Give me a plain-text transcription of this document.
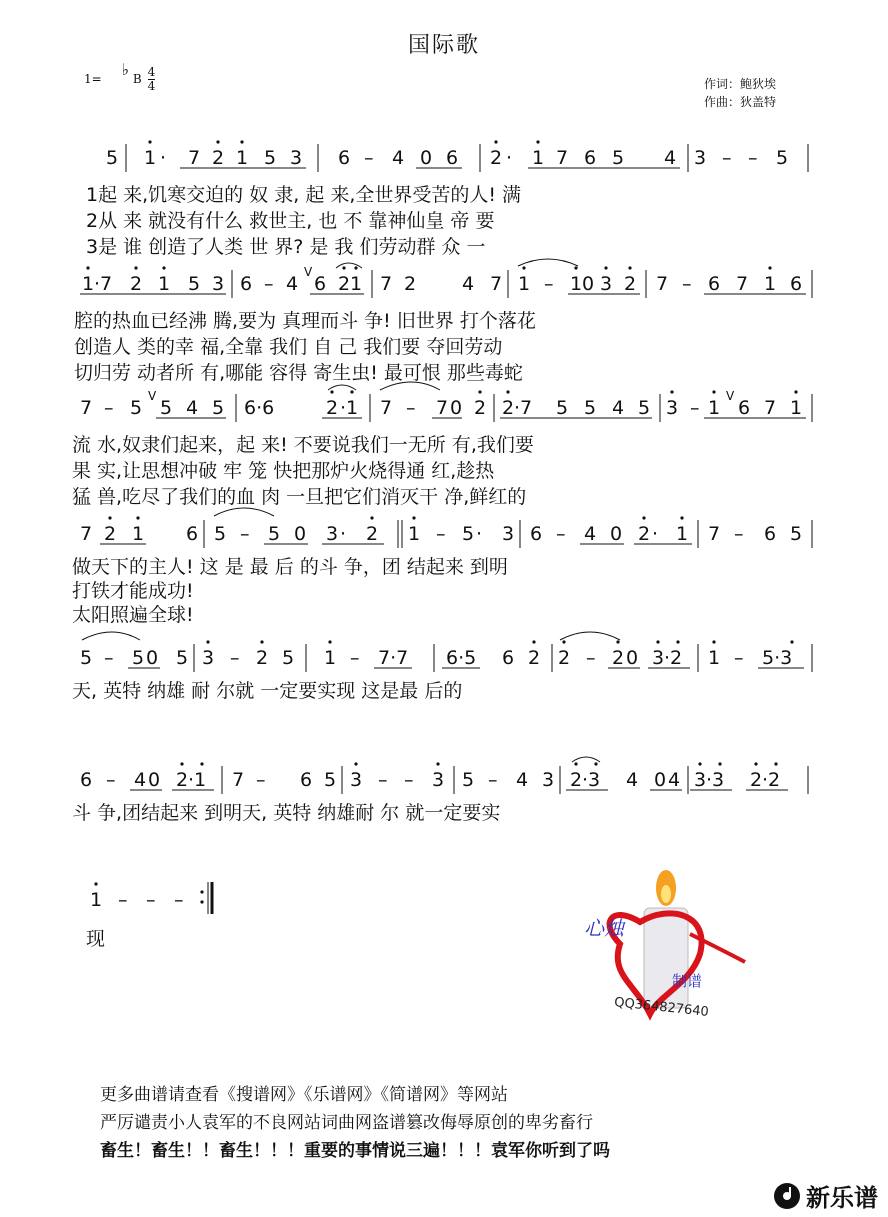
国际歌
1= ♭ B $\frac{4}{4}$	作词：鲍狄埃
作曲：狄盖特
5 1 · 7 2 1 5 3 6 – 4 0 6 2 · 1 7 6 5 4 3 – – 5
1起 来,饥寒交迫的 奴 隶, 起 来,全世界受苦的人! 满
2从 来 就没有什么 救世主, 也 不 靠神仙皇 帝 要
3是 谁 创造了人类 世 界? 是 我 们劳动群 众 一
1 ·7 2 1 5 3 6 – 4
V
6 2 1 7 2 4 7 1 – 1 0 3 2 7 – 6 7 1 6
腔的热血已经沸 腾,要为 真理而斗 争! 旧世界 打个落花
创造人 类的幸 福,全靠 我们 自 己 我们要 夺回劳动
切归劳 动者所 有,哪能 容得 寄生虫! 最可恨 那些毒蛇
7 – 5
V
5 4 5 6·6	2 ·1 7 – 7 0 2 2 ·7 5 5 4 5 3 – 1
V
6 7 1
流 水,奴隶们起来，起 来! 不要说我们一无所 有,我们要
果 实,让思想冲破 牢 笼 快把那炉火烧得通 红,趁热
猛 兽,吃尽了我们的血 肉 一旦把它们消灭干 净,鲜红的
7 2 1 6 5 – 5 0 3 · 2 1 – 5 · 3 6 – 4 0 2 · 1 7 – 6 5
做天下的主人! 这 是 最 后 的斗 争，团 结起来 到明
打铁才能成功!
太阳照遍全球!
5 – 5 0 5 3 – 2 5 1 – 7·7 6·5 6 2 2 – 2 0 3 ·2 1 – 5·3
天, 英特 纳雄 耐 尔就 一定要实现 这是最 后的
6 – 4 0 2 ·1 7 – 6 5 3 – – 3 5 – 4 3 2 ·3 4 0 4 3 ·3 2 ·2
斗 争,团结起来 到明天, 英特 纳雄耐 尔 就一定要实
1 – – –
现	心烛
制谱
QQ364827640
更多曲谱请查看《搜谱网》《乐谱网》《简谱网》等网站
严厉谴责小人袁军的不良网站词曲网盗谱篡改侮辱原创的卑劣畜行
畜生！畜生！！畜生！！！重要的事情说三遍！！！袁军你听到了吗
新乐谱
